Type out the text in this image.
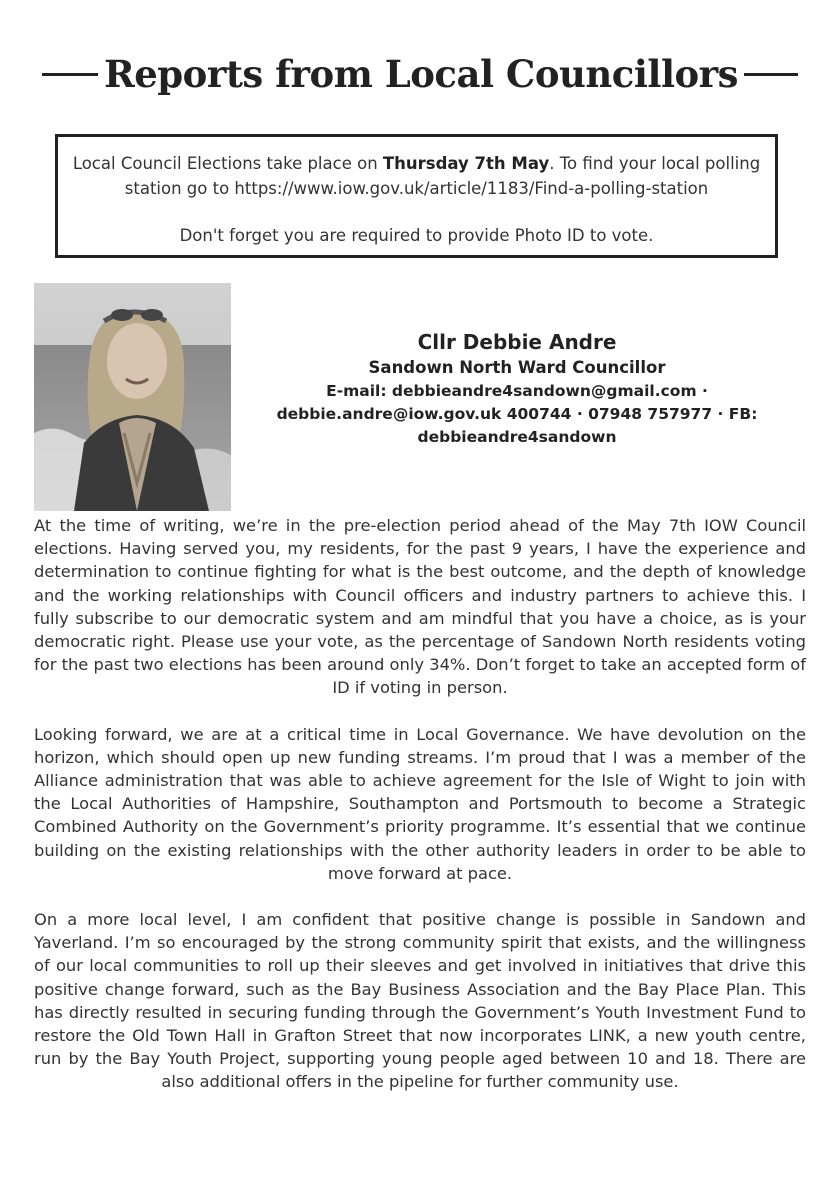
Reports from Local Councillors

Local Council Elections take place on Thursday 7th May. To find your local polling station go to https://www.iow.gov.uk/article/1183/Find-a-polling-station

Don't forget you are required to provide Photo ID to vote.

Cllr Debbie Andre
Sandown North Ward Councillor
E-mail: debbieandre4sandown@gmail.com · debbie.andre@iow.gov.uk 400744 · 07948 757977 · FB: debbieandre4sandown

At the time of writing, we’re in the pre-election period ahead of the May 7th IOW Council elections. Having served you, my residents, for the past 9 years, I have the experience and determination to continue fighting for what is the best outcome, and the depth of knowledge and the working relationships with Council officers and industry partners to achieve this. I fully subscribe to our democratic system and am mindful that you have a choice, as is your democratic right. Please use your vote, as the percentage of Sandown North residents voting for the past two elections has been around only 34%. Don’t forget to take an accepted form of ID if voting in person.

Looking forward, we are at a critical time in Local Governance. We have devolution on the horizon, which should open up new funding streams. I’m proud that I was a member of the Alliance administration that was able to achieve agreement for the Isle of Wight to join with the Local Authorities of Hampshire, Southampton and Portsmouth to become a Strategic Combined Authority on the Government’s priority programme. It’s essential that we continue building on the existing relationships with the other authority leaders in order to be able to move forward at pace.

On a more local level, I am confident that positive change is possible in Sandown and Yaverland. I’m so encouraged by the strong community spirit that exists, and the willingness of our local communities to roll up their sleeves and get involved in initiatives that drive this positive change forward, such as the Bay Business Association and the Bay Place Plan. This has directly resulted in securing funding through the Government’s Youth Investment Fund to restore the Old Town Hall in Grafton Street that now incorporates LINK, a new youth centre, run by the Bay Youth Project, supporting young people aged between 10 and 18. There are also additional offers in the pipeline for further community use.
